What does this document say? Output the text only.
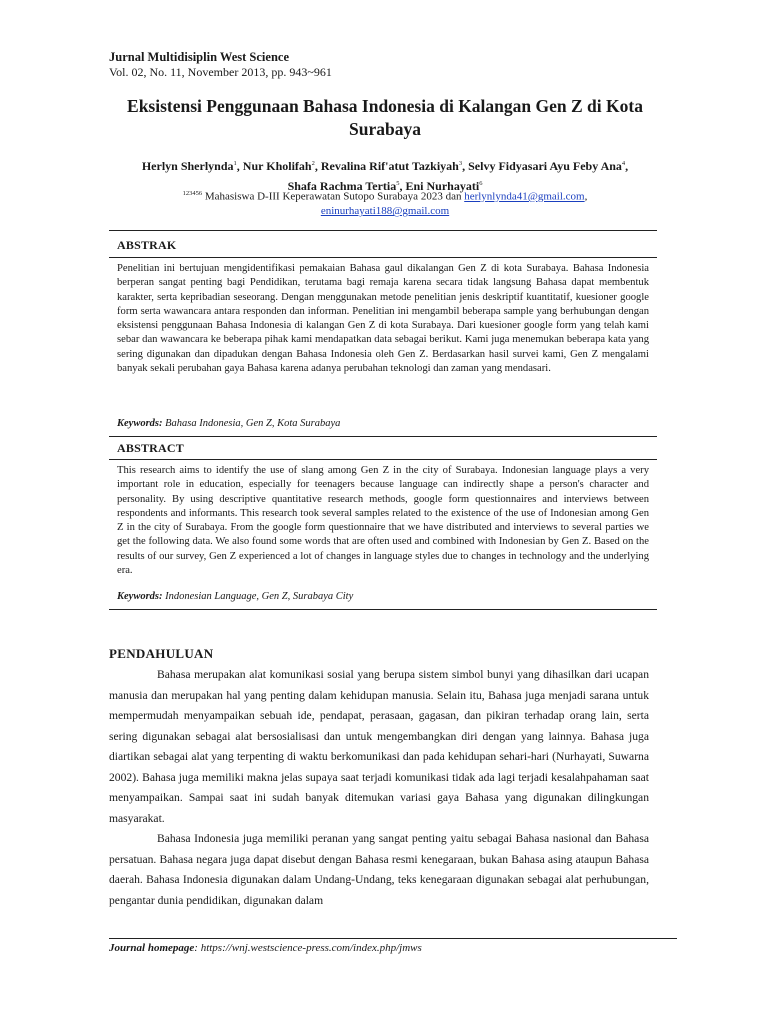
Jurnal Multidisiplin West Science
Vol. 02, No. 11, November 2013, pp. 943~961
Eksistensi Penggunaan Bahasa Indonesia di Kalangan Gen Z di Kota Surabaya
Herlyn Sherlynda$^1$, Nur Kholifah$^2$, Revalina Rif'atut Tazkiyah$^3$, Selvy Fidyasari Ayu Feby Ana$^4$,
Shafa Rachma Tertia$^5$, Eni Nurhayati$^6$
$^{123456}$ Mahasiswa D-III Keperawatan Sutopo Surabaya 2023 dan herlynlynda41@gmail.com,
eninurhayati188@gmail.com
ABSTRAK
Penelitian ini bertujuan mengidentifikasi pemakaian Bahasa gaul dikalangan Gen Z di kota Surabaya. Bahasa Indonesia berperan sangat penting bagi Pendidikan, terutama bagi remaja karena secara tidak langsung Bahasa dapat membentuk karakter, serta kepribadian seseorang. Dengan menggunakan metode penelitian jenis deskriptif kuantitatif, kuesioner google form serta wawancara antara responden dan informan. Penelitian ini mengambil beberapa sample yang berhubungan dengan eksistensi penggunaan Bahasa Indonesia di kalangan Gen Z di kota Surabaya. Dari kuesioner google form yang telah kami sebar dan wawancara ke beberapa pihak kami mendapatkan data sebagai berikut. Kami juga menemukan beberapa kata yang sering digunakan dan dipadukan dengan Bahasa Indonesia oleh Gen Z. Berdasarkan hasil survei kami, Gen Z mengalami banyak sekali perubahan gaya Bahasa karena adanya perubahan teknologi dan zaman yang mendasari.
Keywords: Bahasa Indonesia, Gen Z, Kota Surabaya
ABSTRACT
This research aims to identify the use of slang among Gen Z in the city of Surabaya. Indonesian language plays a very important role in education, especially for teenagers because language can indirectly shape a person's character and personality. By using descriptive quantitative research methods, google form questionnaires and interviews between respondents and informants. This research took several samples related to the existence of the use of Indonesian among Gen Z in the city of Surabaya. From the google form questionnaire that we have distributed and interviews to several parties we get the following data. We also found some words that are often used and combined with Indonesian by Gen Z. Based on the results of our survey, Gen Z experienced a lot of changes in language styles due to changes in technology and the underlying era.
Keywords: Indonesian Language, Gen Z, Surabaya City
PENDAHULUAN

Bahasa merupakan alat komunikasi sosial yang berupa sistem simbol bunyi yang dihasilkan dari ucapan manusia dan merupakan hal yang penting dalam kehidupan manusia. Selain itu, Bahasa juga menjadi sarana untuk mempermudah menyampaikan sebuah ide, pendapat, perasaan, gagasan, dan pikiran terhadap orang lain, serta sering digunakan sebagai alat bersosialisasi dan untuk mengembangkan diri dengan yang lainnya. Bahasa juga diartikan sebagai alat yang terpenting di waktu berkomunikasi dan pada kehidupan sehari-hari (Nurhayati, Suwarna 2002). Bahasa juga memiliki makna jelas supaya saat terjadi komunikasi tidak ada lagi terjadi kesalahpahaman saat menyampaikan. Sampai saat ini sudah banyak ditemukan variasi gaya Bahasa yang digunakan dilingkungan masyarakat.

Bahasa Indonesia juga memiliki peranan yang sangat penting yaitu sebagai Bahasa nasional dan Bahasa persatuan. Bahasa negara juga dapat disebut dengan Bahasa resmi kenegaraan, bukan Bahasa asing ataupun Bahasa daerah. Bahasa Indonesia digunakan dalam Undang-Undang, teks kenegaraan digunakan sebagai alat perhubungan, pengantar dunia pendidikan, digunakan dalam

Journal homepage: https://wnj.westscience-press.com/index.php/jmws
